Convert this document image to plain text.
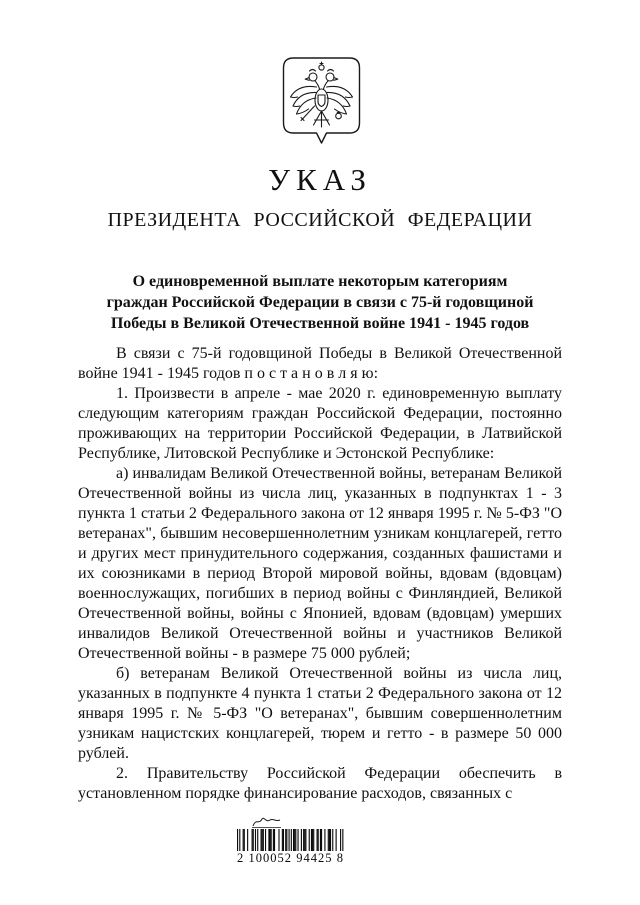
УКАЗ
ПРЕЗИДЕНТА РОССИЙСКОЙ ФЕДЕРАЦИИ
О единовременной выплате некоторым категориям
граждан Российской Федерации в связи с 75-й годовщиной
Победы в Великой Отечественной войне 1941 - 1945 годов

В связи с 75-й годовщиной Победы в Великой Отечественной войне 1941 - 1945 годов п о с т а н о в л я ю:

1. Произвести в апреле - мае 2020 г. единовременную выплату следующим категориям граждан Российской Федерации, постоянно проживающих на территории Российской Федерации, в Латвийской Республике, Литовской Республике и Эстонской Республике:

а) инвалидам Великой Отечественной войны, ветеранам Великой Отечественной войны из числа лиц, указанных в подпунктах 1 - 3 пункта 1 статьи 2 Федерального закона от 12 января 1995 г. № 5-ФЗ "О ветеранах", бывшим несовершеннолетним узникам концлагерей, гетто и других мест принудительного содержания, созданных фашистами и их союзниками в период Второй мировой войны, вдовам (вдовцам) военнослужащих, погибших в период войны с Финляндией, Великой Отечественной войны, войны с Японией, вдовам (вдовцам) умерших инвалидов Великой Отечественной войны и участников Великой Отечественной войны - в размере 75 000 рублей;

б) ветеранам Великой Отечественной войны из числа лиц, указанных в подпункте 4 пункта 1 статьи 2 Федерального закона от 12 января 1995 г. № 5-ФЗ "О ветеранах", бывшим совершеннолетним узникам нацистских концлагерей, тюрем и гетто - в размере 50 000 рублей.

2. Правительству Российской Федерации обеспечить в установленном порядке финансирование расходов, связанных с

2 100052 94425 8
